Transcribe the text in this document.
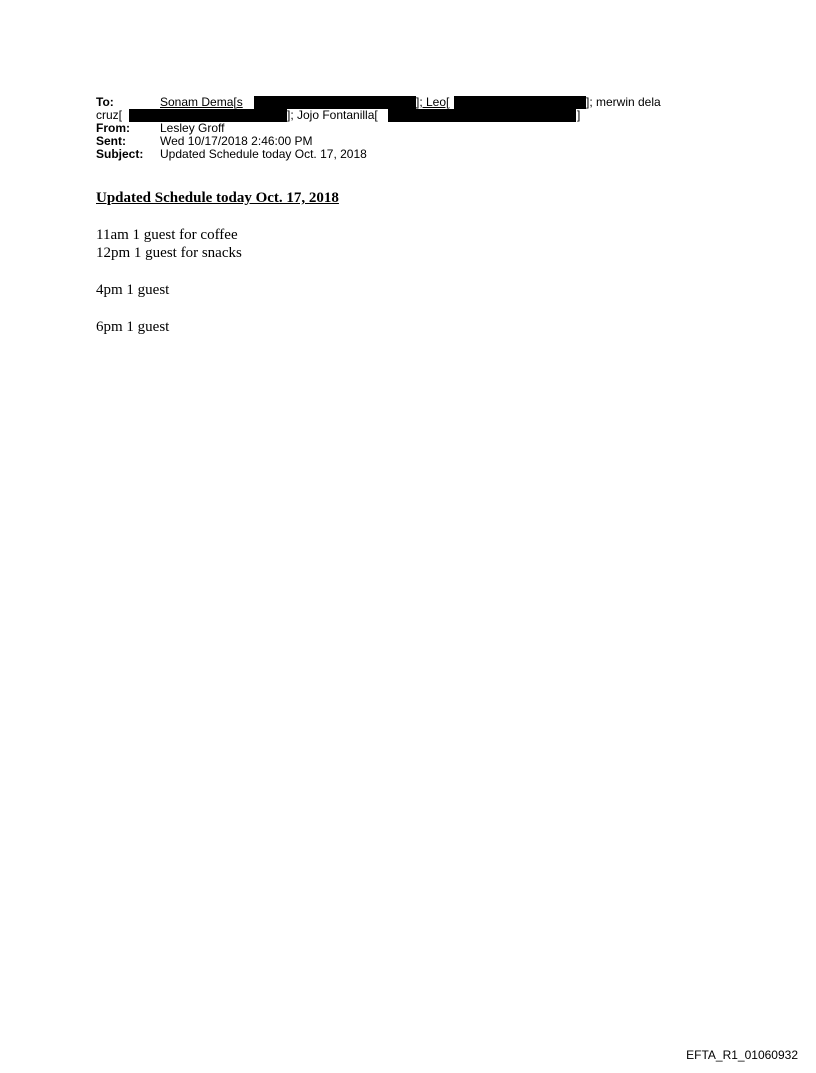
To:	Sonam Dema[s	]; Leo[	]; merwin dela
cruz[	]; Jojo Fontanilla[	]
From:	Lesley Groff
Sent:	Wed 10/17/2018 2:46:00 PM
Subject: Updated Schedule today Oct. 17, 2018
Updated Schedule today Oct. 17, 2018
11am 1 guest for coffee
12pm 1 guest for snacks
4pm 1 guest
6pm 1 guest
EFTA_R1_01060932
